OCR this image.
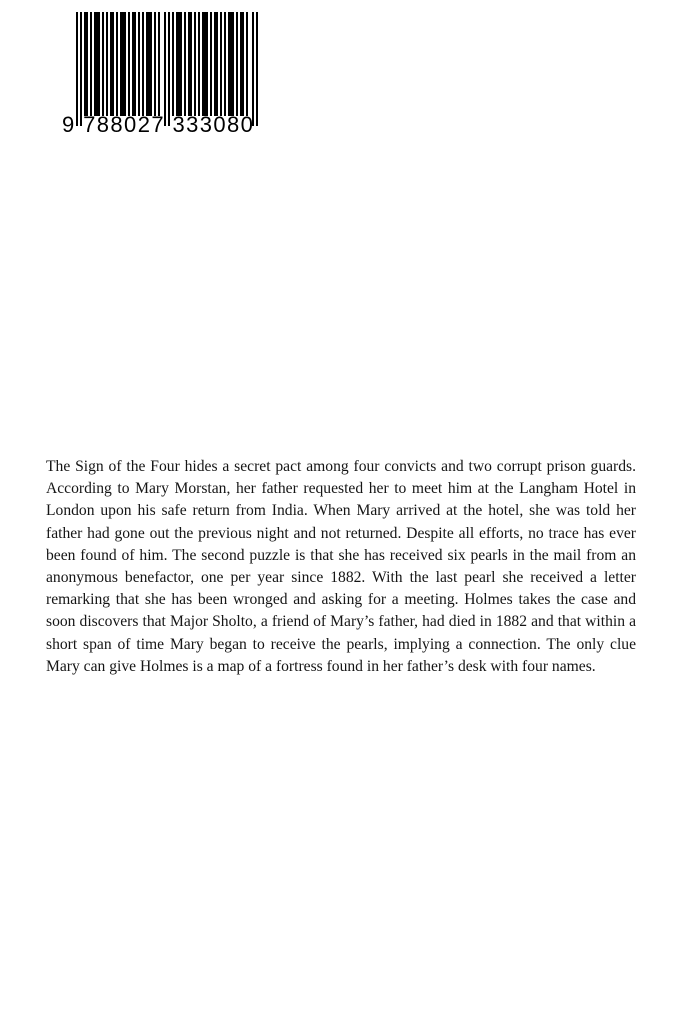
9 788027 333080

The Sign of the Four hides a secret pact among four convicts and two corrupt prison guards. According to Mary Morstan, her father requested her to meet him at the Langham Hotel in London upon his safe return from India. When Mary arrived at the hotel, she was told her father had gone out the previous night and not returned. Despite all efforts, no trace has ever been found of him. The second puzzle is that she has received six pearls in the mail from an anonymous benefactor, one per year since 1882. With the last pearl she received a letter remarking that she has been wronged and asking for a meeting. Holmes takes the case and soon discovers that Major Sholto, a friend of Mary’s father, had died in 1882 and that within a short span of time Mary began to receive the pearls, implying a connection. The only clue Mary can give Holmes is a map of a fortress found in her father’s desk with four names.
